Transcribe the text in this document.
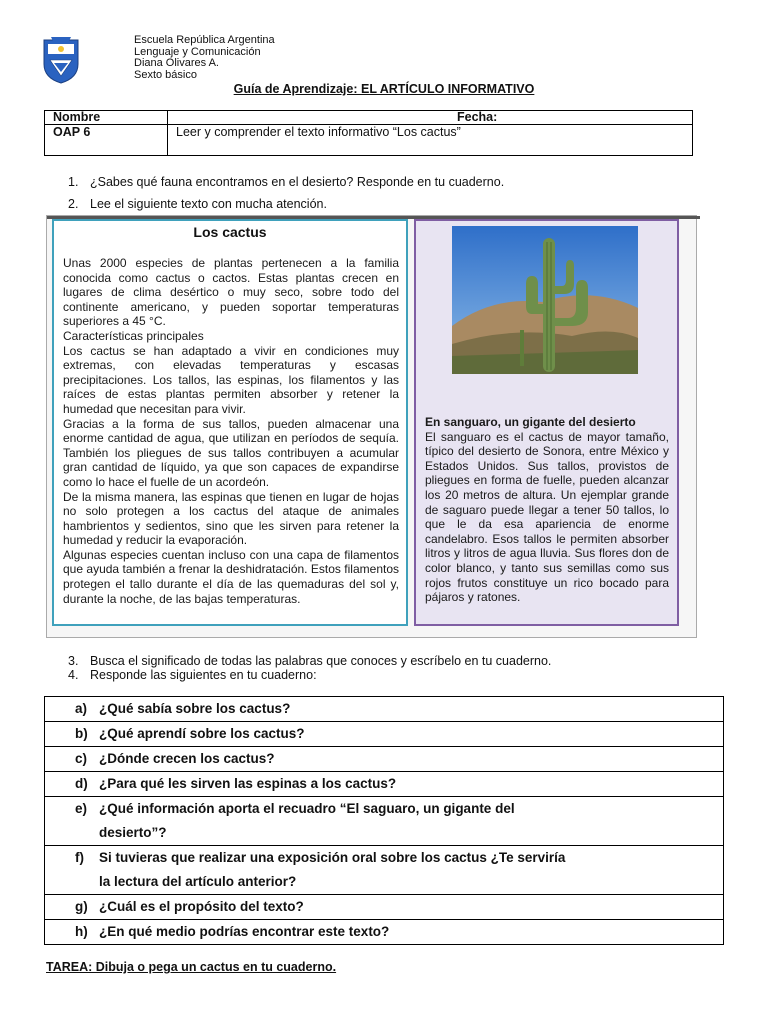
Escuela República Argentina
Lenguaje y Comunicación
Diana Olivares A.
Sexto básico
Guía de Aprendizaje: EL ARTÍCULO INFORMATIVO
Nombre	Fecha:
OAP 6	Leer y comprender el texto informativo “Los cactus”
1. ¿Sabes qué fauna encontramos en el desierto? Responde en tu cuaderno.
2. Lee el siguiente texto con mucha atención.
Los cactus
Unas 2000 especies de plantas pertenecen a la familia conocida como cactus o cactos. Estas plantas crecen en lugares de clima desértico o muy seco, sobre todo del continente americano, y pueden soportar temperaturas superiores a 45 °C.
Características principales
Los cactus se han adaptado a vivir en condiciones muy extremas, con elevadas temperaturas y escasas precipitaciones. Los tallos, las espinas, los filamentos y las raíces de estas plantas permiten absorber y retener la humedad que necesitan para vivir.
Gracias a la forma de sus tallos, pueden almacenar una enorme cantidad de agua, que utilizan en períodos de sequía. También los pliegues de sus tallos contribuyen a acumular gran cantidad de líquido, ya que son capaces de expandirse como lo hace el fuelle de un acordeón.
De la misma manera, las espinas que tienen en lugar de hojas no solo protegen a los cactus del ataque de animales hambrientos y sedientos, sino que les sirven para retener la humedad y reducir la evaporación.
Algunas especies cuentan incluso con una capa de filamentos que ayuda también a frenar la deshidratación. Estos filamentos protegen el tallo durante el día de las quemaduras del sol y, durante la noche, de las bajas temperaturas.
En sanguaro, un gigante del desierto
El sanguaro es el cactus de mayor tamaño, típico del desierto de Sonora, entre México y Estados Unidos. Sus tallos, provistos de pliegues en forma de fuelle, pueden alcanzar los 20 metros de altura. Un ejemplar grande de saguaro puede llegar a tener 50 tallos, lo que le da esa apariencia de enorme candelabro. Esos tallos le permiten absorber litros y litros de agua lluvia. Sus flores don de color blanco, y tanto sus semillas como sus rojos frutos constituye un rico bocado para pájaros y ratones.
3. Busca el significado de todas las palabras que conoces y escríbelo en tu cuaderno.
4. Responde las siguientes en tu cuaderno:
a) ¿Qué sabía sobre los cactus?
b) ¿Qué aprendí sobre los cactus?
c) ¿Dónde crecen los cactus?
d) ¿Para qué les sirven las espinas a los cactus?
e) ¿Qué información aporta el recuadro “El saguaro, un gigante del
desierto”?

f) Si tuvieras que realizar una exposición oral sobre los cactus ¿Te serviría
la lectura del artículo anterior?

g) ¿Cuál es el propósito del texto?
h) ¿En qué medio podrías encontrar este texto?
TAREA: Dibuja o pega un cactus en tu cuaderno.
